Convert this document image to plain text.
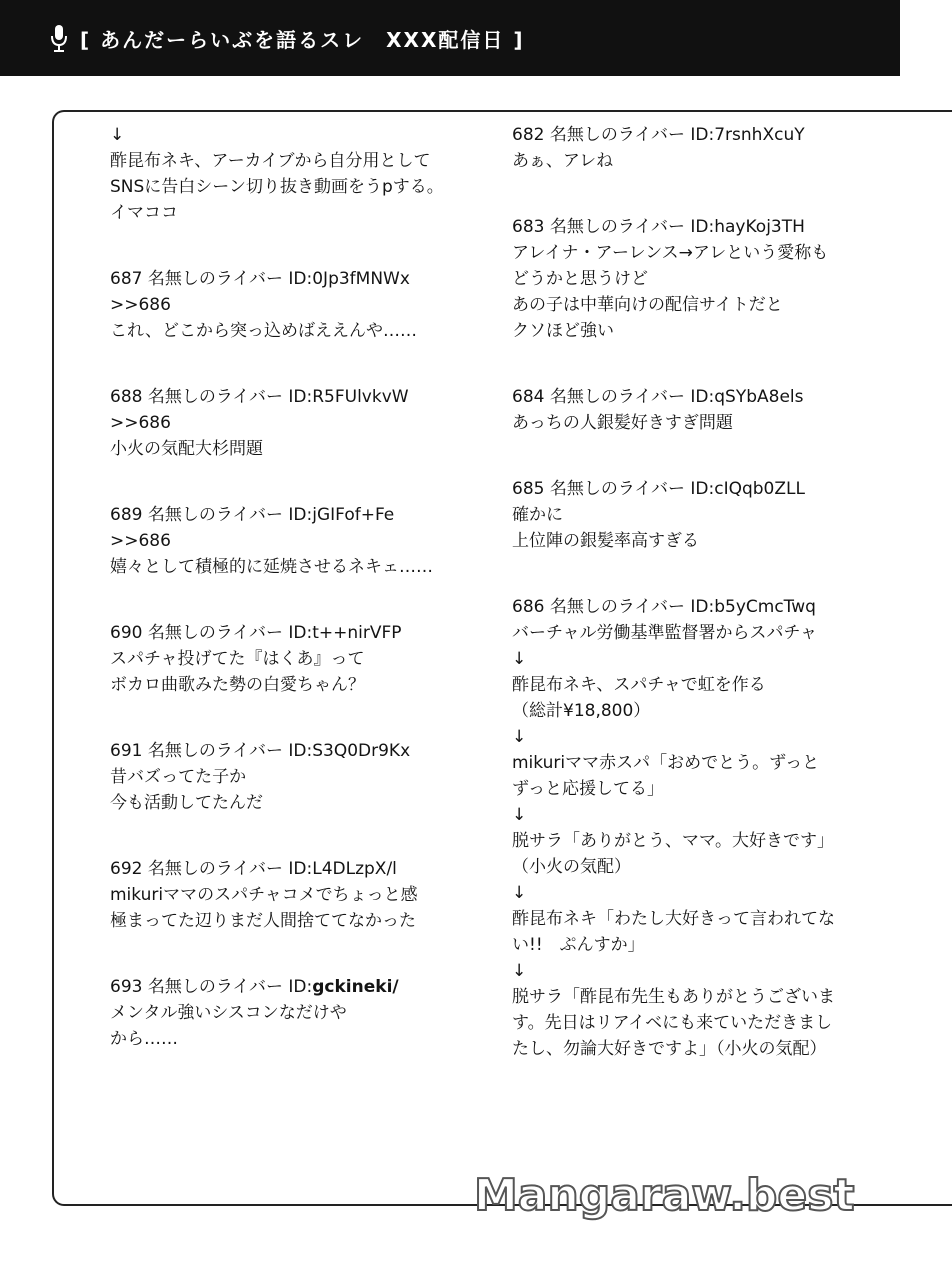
[ あんだーらいぶを語るスレ　XXX配信日 ]
↓
酢昆布ネキ、アーカイブから自分用として
SNSに告白シーン切り抜き動画をうpする。
イマココ
687 名無しのライバー ID:0Jp3fMNWx
>>686
これ、どこから突っ込めばええんや……
688 名無しのライバー ID:R5FUlvkvW
>>686
小火の気配大杉問題
689 名無しのライバー ID:jGIFof+Fe
>>686
嬉々として積極的に延焼させるネキェ……
690 名無しのライバー ID:t++nirVFP
スパチャ投げてた『はくあ』って
ボカロ曲歌みた勢の白愛ちゃん？
691 名無しのライバー ID:S3Q0Dr9Kx
昔バズってた子か
今も活動してたんだ
692 名無しのライバー ID:L4DLzpX/l
mikuriママのスパチャコメでちょっと感
極まってた辺りまだ人間捨ててなかった
693 名無しのライバー ID:gckineki/
メンタル強いシスコンなだけや
から……
682 名無しのライバー ID:7rsnhXcuY
あぁ、アレね
683 名無しのライバー ID:hayKoj3TH
アレイナ・アーレンス→アレという愛称も
どうかと思うけど
あの子は中華向けの配信サイトだと
クソほど強い
684 名無しのライバー ID:qSYbA8els
あっちの人銀髪好きすぎ問題
685 名無しのライバー ID:cIQqb0ZLL
確かに
上位陣の銀髪率高すぎる
686 名無しのライバー ID:b5yCmcTwq
バーチャル労働基準監督署からスパチャ
↓
酢昆布ネキ、スパチャで虹を作る
（総計¥18,800）
↓
mikuriママ赤スパ「おめでとう。ずっと
ずっと応援してる」
↓
脱サラ「ありがとう、ママ。大好きです」
（小火の気配）
↓
酢昆布ネキ「わたし大好きって言われてな
い!!　ぷんすか」
↓
脱サラ「酢昆布先生もありがとうございま
す。先日はリアイベにも来ていただきまし
たし、勿論大好きですよ」（小火の気配）
Mangaraw.best
